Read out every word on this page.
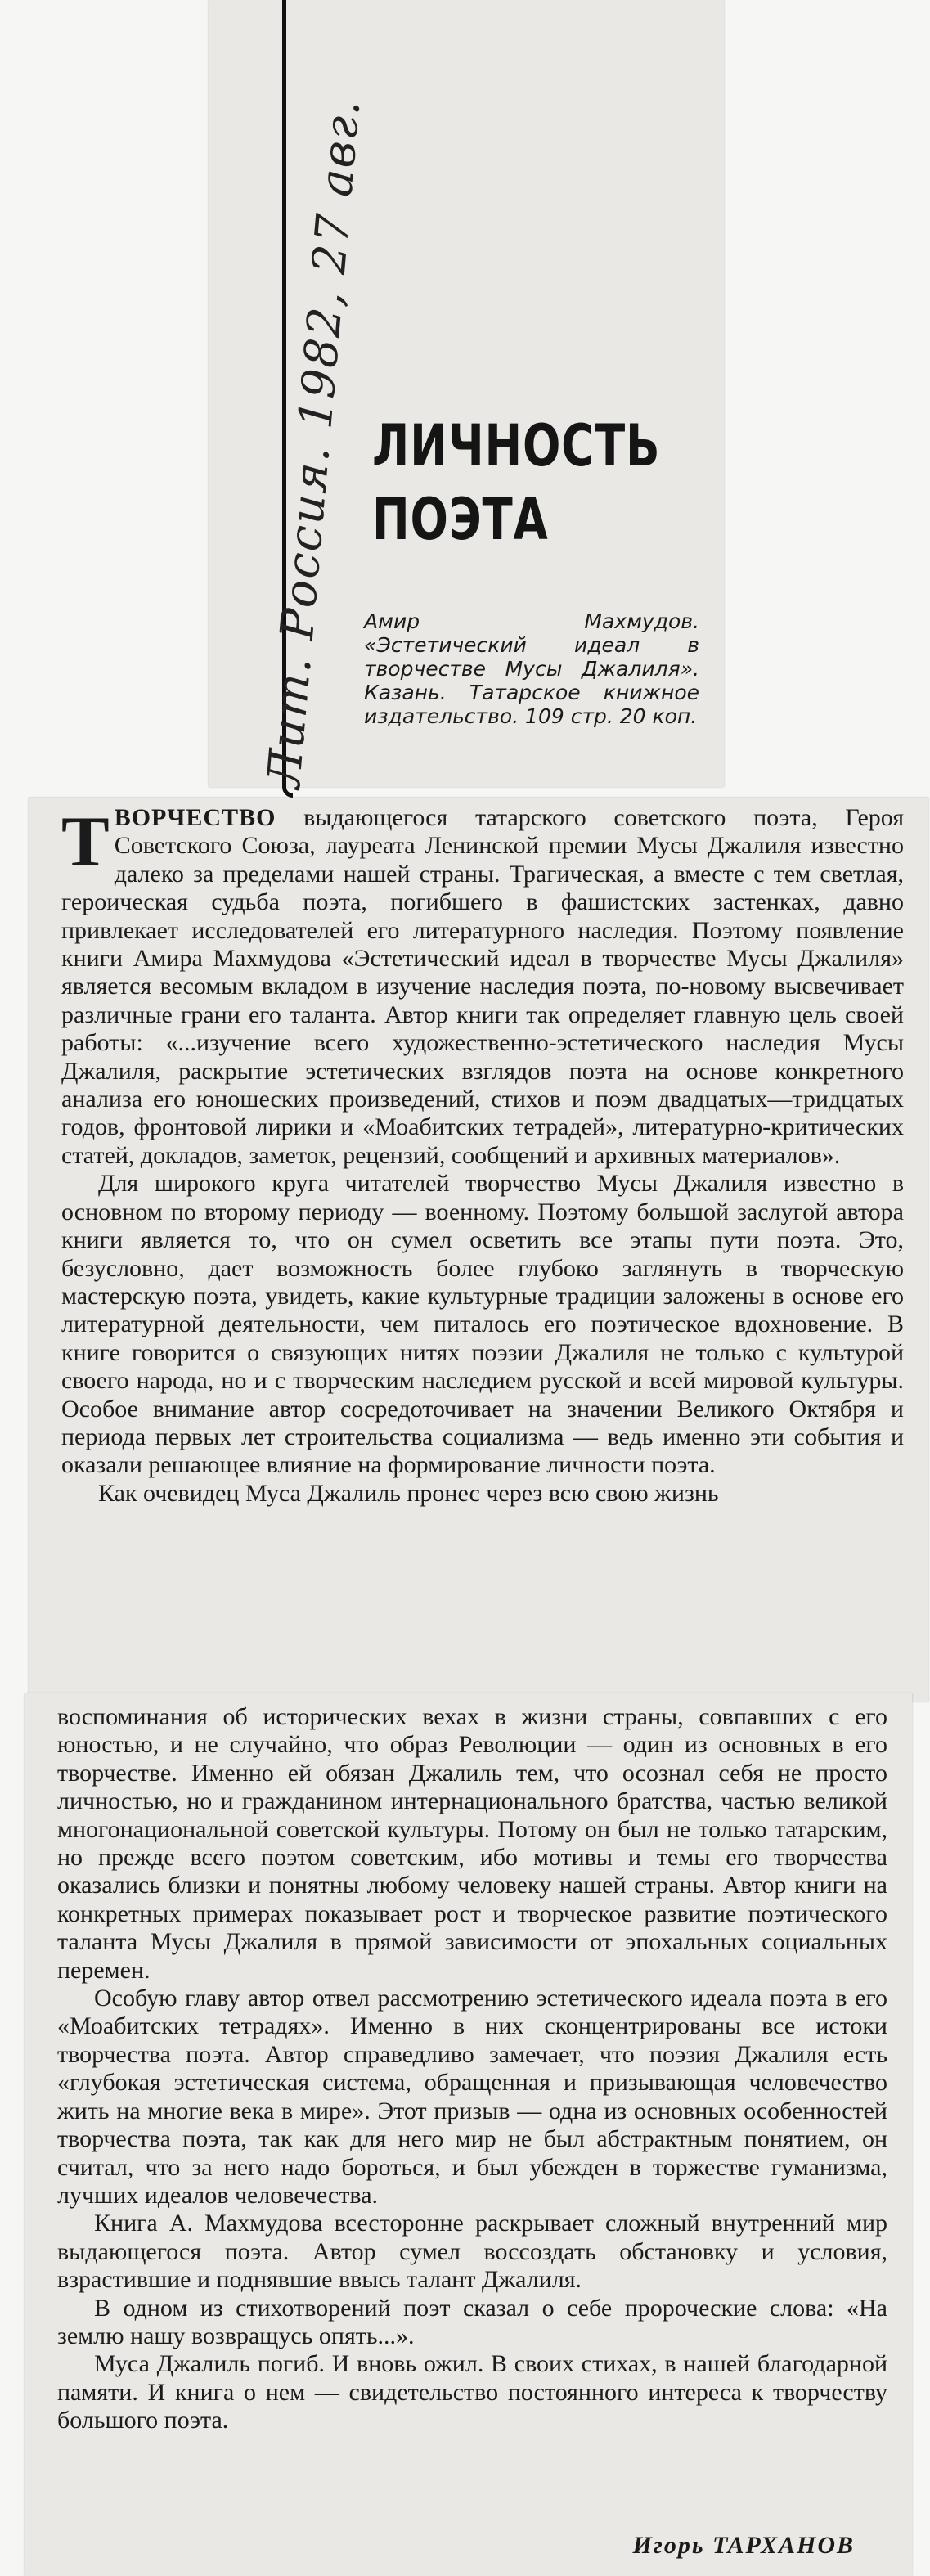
Лит. Россия. 1982, 27 авг. ЛИЧНОСТЬ
ПОЭТА
Амир Махмудов. «Эстетический идеал в творчестве Мусы Джалиля». Казань. Татарское книжное издательство. 109 стр. 20 коп.

ТВОРЧЕСТВО выдающегося татарского советского поэта, Героя Советского Союза, лауреата Ленинской премии Мусы Джалиля известно далеко за пределами нашей страны. Трагическая, а вместе с тем светлая, героическая судьба поэта, погибшего в фашистских застенках, давно привлекает исследователей его литературного наследия. Поэтому появление книги Амира Махмудова «Эстетический идеал в творчестве Мусы Джалиля» является весомым вкладом в изучение наследия поэта, по-новому высвечивает различные грани его таланта. Автор книги так определяет главную цель своей работы: «...изучение всего художественно-эстетического наследия Мусы Джалиля, раскрытие эстетических взглядов поэта на основе конкретного анализа его юношеских произведений, стихов и поэм двадцатых—тридцатых годов, фронтовой лирики и «Моабитских тетрадей», литературно-критических статей, докладов, заметок, рецензий, сообщений и архивных материалов».

Для широкого круга читателей творчество Мусы Джалиля известно в основном по второму периоду — военному. Поэтому большой заслугой автора книги является то, что он сумел осветить все этапы пути поэта. Это, безусловно, дает возможность более глубоко заглянуть в творческую мастерскую поэта, увидеть, какие культурные традиции заложены в основе его литературной деятельности, чем питалось его поэтическое вдохновение. В книге говорится о связующих нитях поэзии Джалиля не только с культурой своего народа, но и с творческим наследием русской и всей мировой культуры. Особое внимание автор сосредоточивает на значении Великого Октября и периода первых лет строительства социализма — ведь именно эти события и оказали решающее влияние на формирование личности поэта.

Как очевидец Муса Джалиль пронес через всю свою жизнь

воспоминания об исторических вехах в жизни страны, совпавших с его юностью, и не случайно, что образ Революции — один из основных в его творчестве. Именно ей обязан Джалиль тем, что осознал себя не просто личностью, но и гражданином интернационального братства, частью великой многонациональной советской культуры. Потому он был не только татарским, но прежде всего поэтом советским, ибо мотивы и темы его творчества оказались близки и понятны любому человеку нашей страны. Автор книги на конкретных примерах показывает рост и творческое развитие поэтического таланта Мусы Джалиля в прямой зависимости от эпохальных социальных перемен.

Особую главу автор отвел рассмотрению эстетического идеала поэта в его «Моабитских тетрадях». Именно в них сконцентрированы все истоки творчества поэта. Автор справедливо замечает, что поэзия Джалиля есть «глубокая эстетическая система, обращенная и призывающая человечество жить на многие века в мире». Этот призыв — одна из основных особенностей творчества поэта, так как для него мир не был абстрактным понятием, он считал, что за него надо бороться, и был убежден в торжестве гуманизма, лучших идеалов человечества.

Книга А. Махмудова всесторонне раскрывает сложный внутренний мир выдающегося поэта. Автор сумел воссоздать обстановку и условия, взрастившие и поднявшие ввысь талант Джалиля.

В одном из стихотворений поэт сказал о себе пророческие слова: «На землю нашу возвращусь опять...».

Муса Джалиль погиб. И вновь ожил. В своих стихах, в нашей благодарной памяти. И книга о нем — свидетельство постоянного интереса к творчеству большого поэта.

Игорь ТАРХАНОВ
